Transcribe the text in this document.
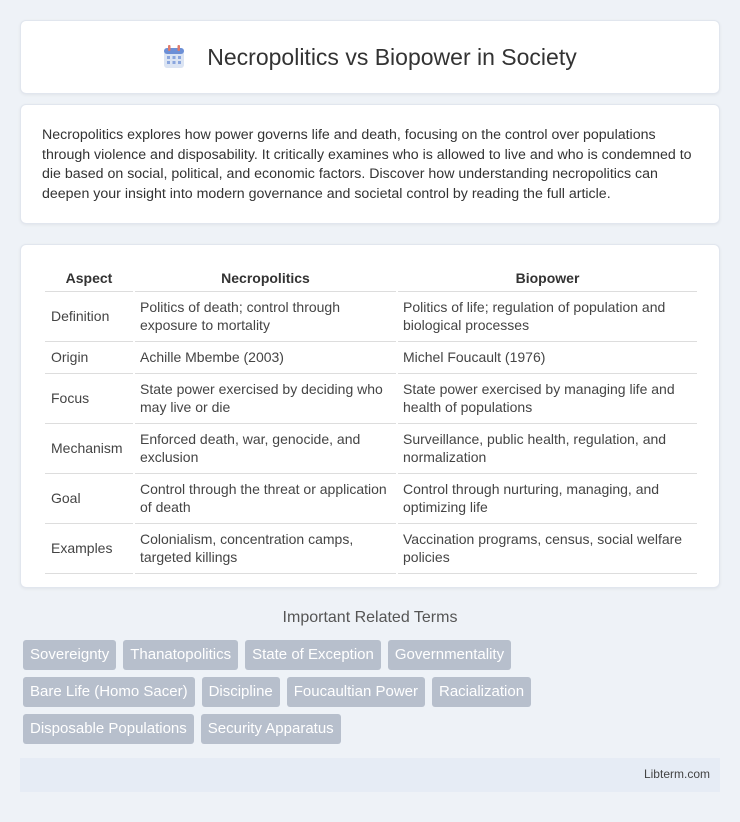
Necropolitics vs Biopower in Society

Necropolitics explores how power governs life and death, focusing on the control over populations through violence and disposability. It critically examines who is allowed to live and who is condemned to die based on social, political, and economic factors. Discover how understanding necropolitics can deepen your insight into modern governance and societal control by reading the full article.

Aspect	Necropolitics	Biopower
Definition	Politics of death; control through exposure to mortality	Politics of life; regulation of population and biological processes
Origin	Achille Mbembe (2003)	Michel Foucault (1976)
Focus	State power exercised by deciding who may live or die	State power exercised by managing life and health of populations
Mechanism	Enforced death, war, genocide, and exclusion	Surveillance, public health, regulation, and normalization
Goal	Control through the threat or application of death	Control through nurturing, managing, and optimizing life
Examples	Colonialism, concentration camps, targeted killings	Vaccination programs, census, social welfare policies
Important Related Terms
Sovereignty	Thanatopolitics	State of Exception	Governmentality
Bare Life (Homo Sacer)	Discipline	Foucaultian Power	Racialization
Disposable Populations	Security Apparatus
Libterm.com
